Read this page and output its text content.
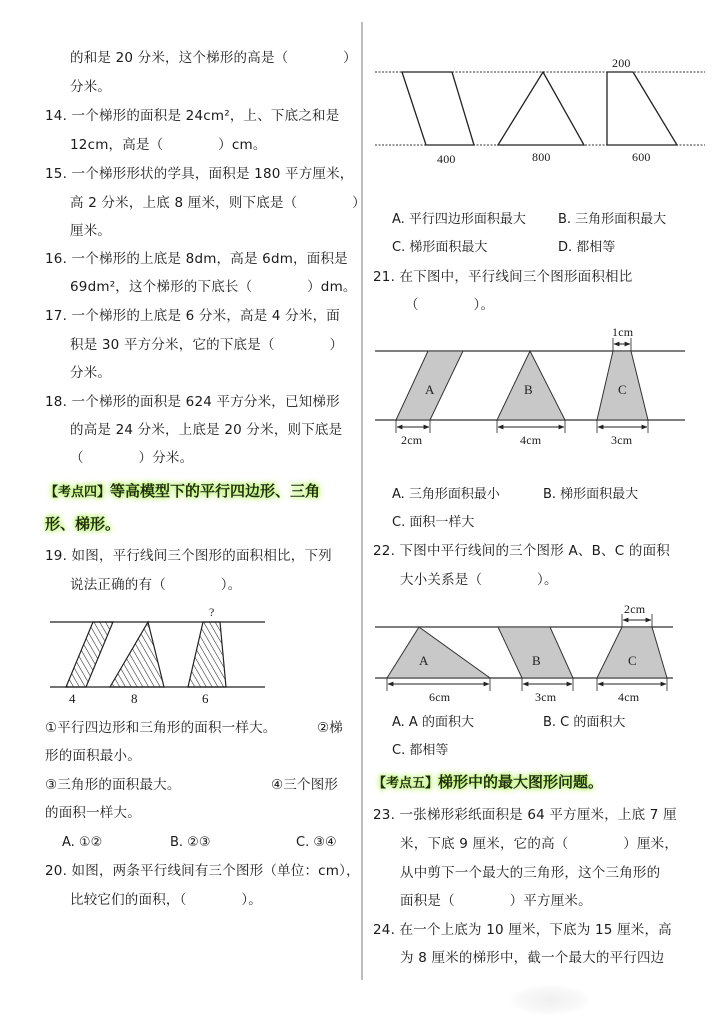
的和是 20 分米，这个梯形的高是（　　　　）
分米。
14. 一个梯形的面积是 24cm²，上、下底之和是
12cm，高是（　　　　）cm。
15. 一个梯形形状的学具，面积是 180 平方厘米，
高 2 分米，上底 8 厘米，则下底是（　　　　）
厘米。
16. 一个梯形的上底是 8dm，高是 6dm，面积是
69dm²，这个梯形的下底长（　　　　）dm。
17. 一个梯形的上底是 6 分米，高是 4 分米，面
积是 30 平方分米，它的下底是（　　　　）
分米。
18. 一个梯形的面积是 624 平方分米，已知梯形
的高是 24 分米，上底是 20 分米，则下底是
（　　　　）分米。
【考点四】等高模型下的平行四边形、三角
形、梯形。
19. 如图，平行线间三个图形的面积相比，下列
说法正确的有（　　　　）。
?
4	8	6
①平行四边形和三角形的面积一样大。	②梯
形的面积最小。
③三角形的面积最大。	④三个图形
的面积一样大。
A. ①②	B. ②③	C. ③④
20. 如图，两条平行线间有三个图形（单位：cm），
比较它们的面积，（　　　　）。
200
400	800	600
A. 平行四边形面积最大 B. 三角形面积最大
C. 梯形面积最大	D. 都相等
21. 在下图中，平行线间三个图形面积相比
（　　　　）。
A	B	C
1cm
2cm	4cm	3cm
A. 三角形面积最小	B. 梯形面积最大
C. 面积一样大
22. 下图中平行线间的三个图形 A、B、C 的面积
大小关系是（　　　　）。
A	B	C
2cm
6cm	3cm	4cm
A. A 的面积大	B. C 的面积大
C. 都相等
【考点五】梯形中的最大图形问题。
23. 一张梯形彩纸面积是 64 平方厘米，上底 7 厘
米，下底 9 厘米，它的高（　　　　）厘米，
从中剪下一个最大的三角形，这个三角形的
面积是（　　　　）平方厘米。
24. 在一个上底为 10 厘米，下底为 15 厘米，高
为 8 厘米的梯形中，截一个最大的平行四边
